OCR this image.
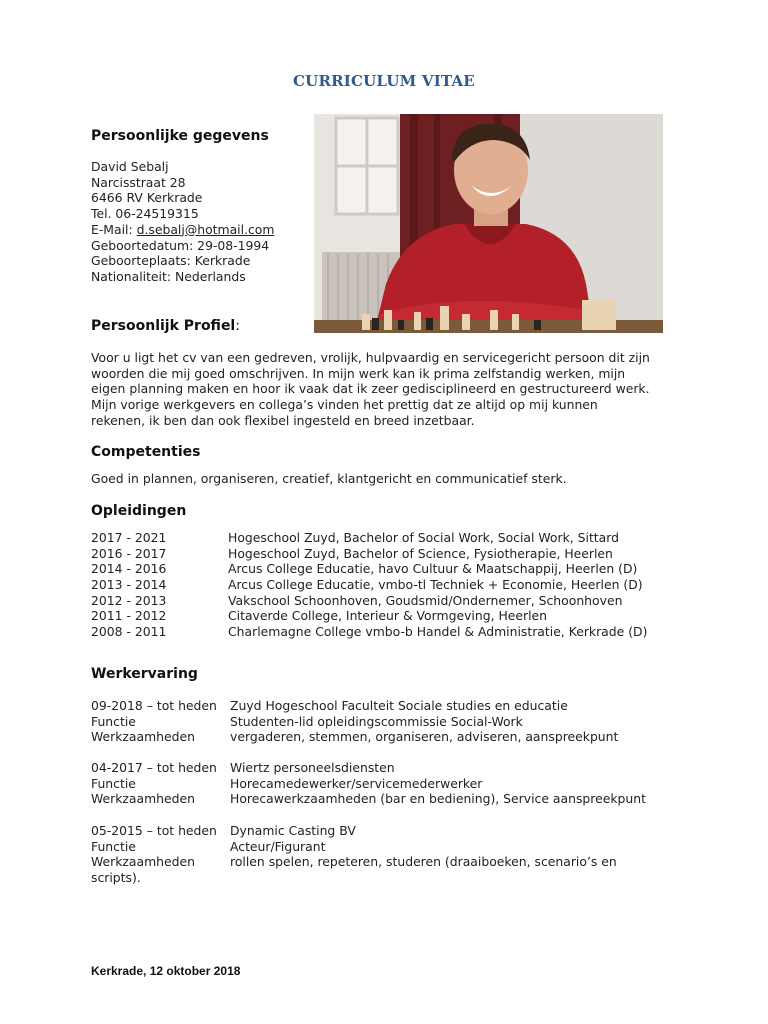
CURRICULUM VITAE
Persoonlijke gegevens
David Sebalj
Narcisstraat 28
6466 RV Kerkrade
Tel. 06-24519315
E-Mail: d.sebalj@hotmail.com
Geboortedatum: 29-08-1994
Geboorteplaats: Kerkrade
Nationaliteit: Nederlands
Persoonlijk Profiel:
Voor u ligt het cv van een gedreven, vrolijk, hulpvaardig en servicegericht persoon dit zijn
woorden die mij goed omschrijven. In mijn werk kan ik prima zelfstandig werken, mijn
eigen planning maken en hoor ik vaak dat ik zeer gedisciplineerd en gestructureerd werk.
Mijn vorige werkgevers en collega’s vinden het prettig dat ze altijd op mij kunnen
rekenen, ik ben dan ook flexibel ingesteld en breed inzetbaar.
Competenties
Goed in plannen, organiseren, creatief, klantgericht en communicatief sterk.
Opleidingen
2017 - 2021	Hogeschool Zuyd, Bachelor of Social Work, Social Work, Sittard
2016 - 2017	Hogeschool Zuyd, Bachelor of Science, Fysiotherapie, Heerlen
2014 - 2016	Arcus College Educatie, havo Cultuur & Maatschappij, Heerlen (D)
2013 - 2014	Arcus College Educatie, vmbo-tl Techniek + Economie, Heerlen (D)
2012 - 2013	Vakschool Schoonhoven, Goudsmid/Ondernemer, Schoonhoven
2011 - 2012	Citaverde College, Interieur & Vormgeving, Heerlen
2008 - 2011	Charlemagne College vmbo-b Handel & Administratie, Kerkrade (D)
Werkervaring
09-2018 – tot heden	Zuyd Hogeschool Faculteit Sociale studies en educatie
Functie	Studenten-lid opleidingscommissie Social-Work
Werkzaamheden	vergaderen, stemmen, organiseren, adviseren, aanspreekpunt
04-2017 – tot heden	Wiertz personeelsdiensten
Functie	Horecamedewerker/servicemederwerker
Werkzaamheden	Horecawerkzaamheden (bar en bediening), Service aanspreekpunt
05-2015 – tot heden	Dynamic Casting BV
Functie	Acteur/Figurant
Werkzaamheden	rollen spelen, repeteren, studeren (draaiboeken, scenario’s en
scripts).
Kerkrade, 12 oktober 2018
